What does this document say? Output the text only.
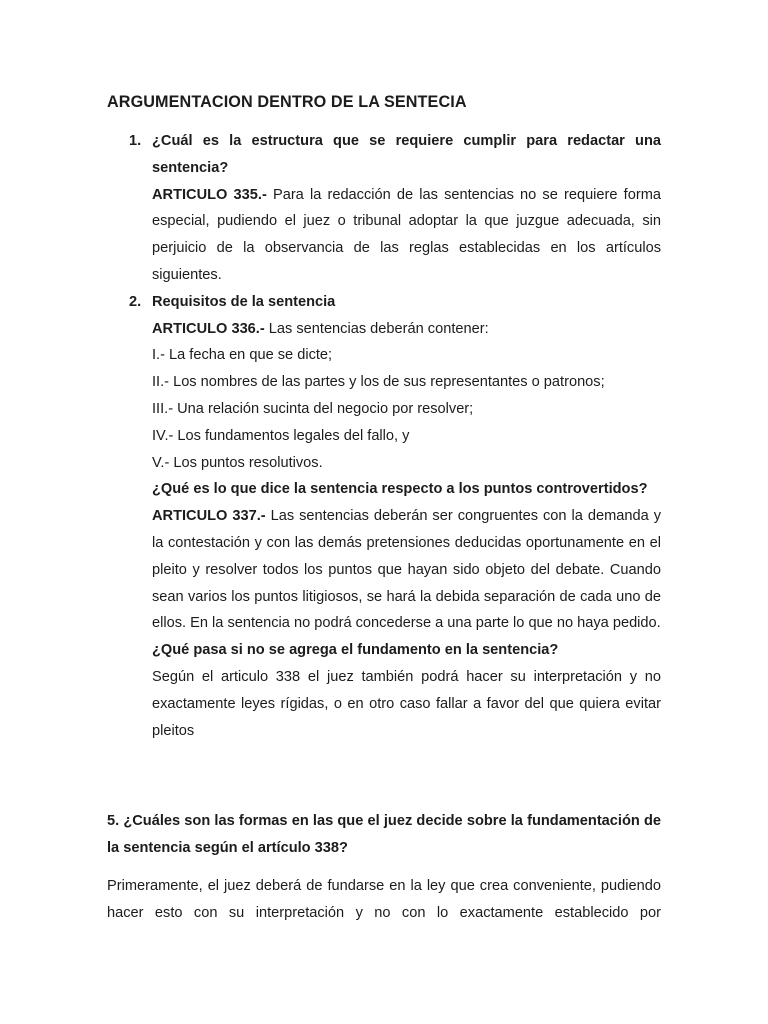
ARGUMENTACION DENTRO DE LA SENTECIA
1. ¿Cuál es la estructura que se requiere cumplir para redactar una sentencia?

ARTICULO 335.- Para la redacción de las sentencias no se requiere forma especial, pudiendo el juez o tribunal adoptar la que juzgue adecuada, sin perjuicio de la observancia de las reglas establecidas en los artículos siguientes.

2. Requisitos de la sentencia

ARTICULO 336.- Las sentencias deberán contener:

I.- La fecha en que se dicte;

II.- Los nombres de las partes y los de sus representantes o patronos;

III.- Una relación sucinta del negocio por resolver;

IV.- Los fundamentos legales del fallo, y

V.- Los puntos resolutivos.

¿Qué es lo que dice la sentencia respecto a los puntos controvertidos?

ARTICULO 337.- Las sentencias deberán ser congruentes con la demanda y la contestación y con las demás pretensiones deducidas oportunamente en el pleito y resolver todos los puntos que hayan sido objeto del debate. Cuando sean varios los puntos litigiosos, se hará la debida separación de cada uno de ellos. En la sentencia no podrá concederse a una parte lo que no haya pedido.

¿Qué pasa si no se agrega el fundamento en la sentencia?

Según el articulo 338 el juez también podrá hacer su interpretación y no exactamente leyes rígidas, o en otro caso fallar a favor del que quiera evitar pleitos

5. ¿Cuáles son las formas en las que el juez decide sobre la fundamentación de la sentencia según el artículo 338?

Primeramente, el juez deberá de fundarse en la ley que crea conveniente, pudiendo hacer esto con su interpretación y no con lo exactamente establecido por
